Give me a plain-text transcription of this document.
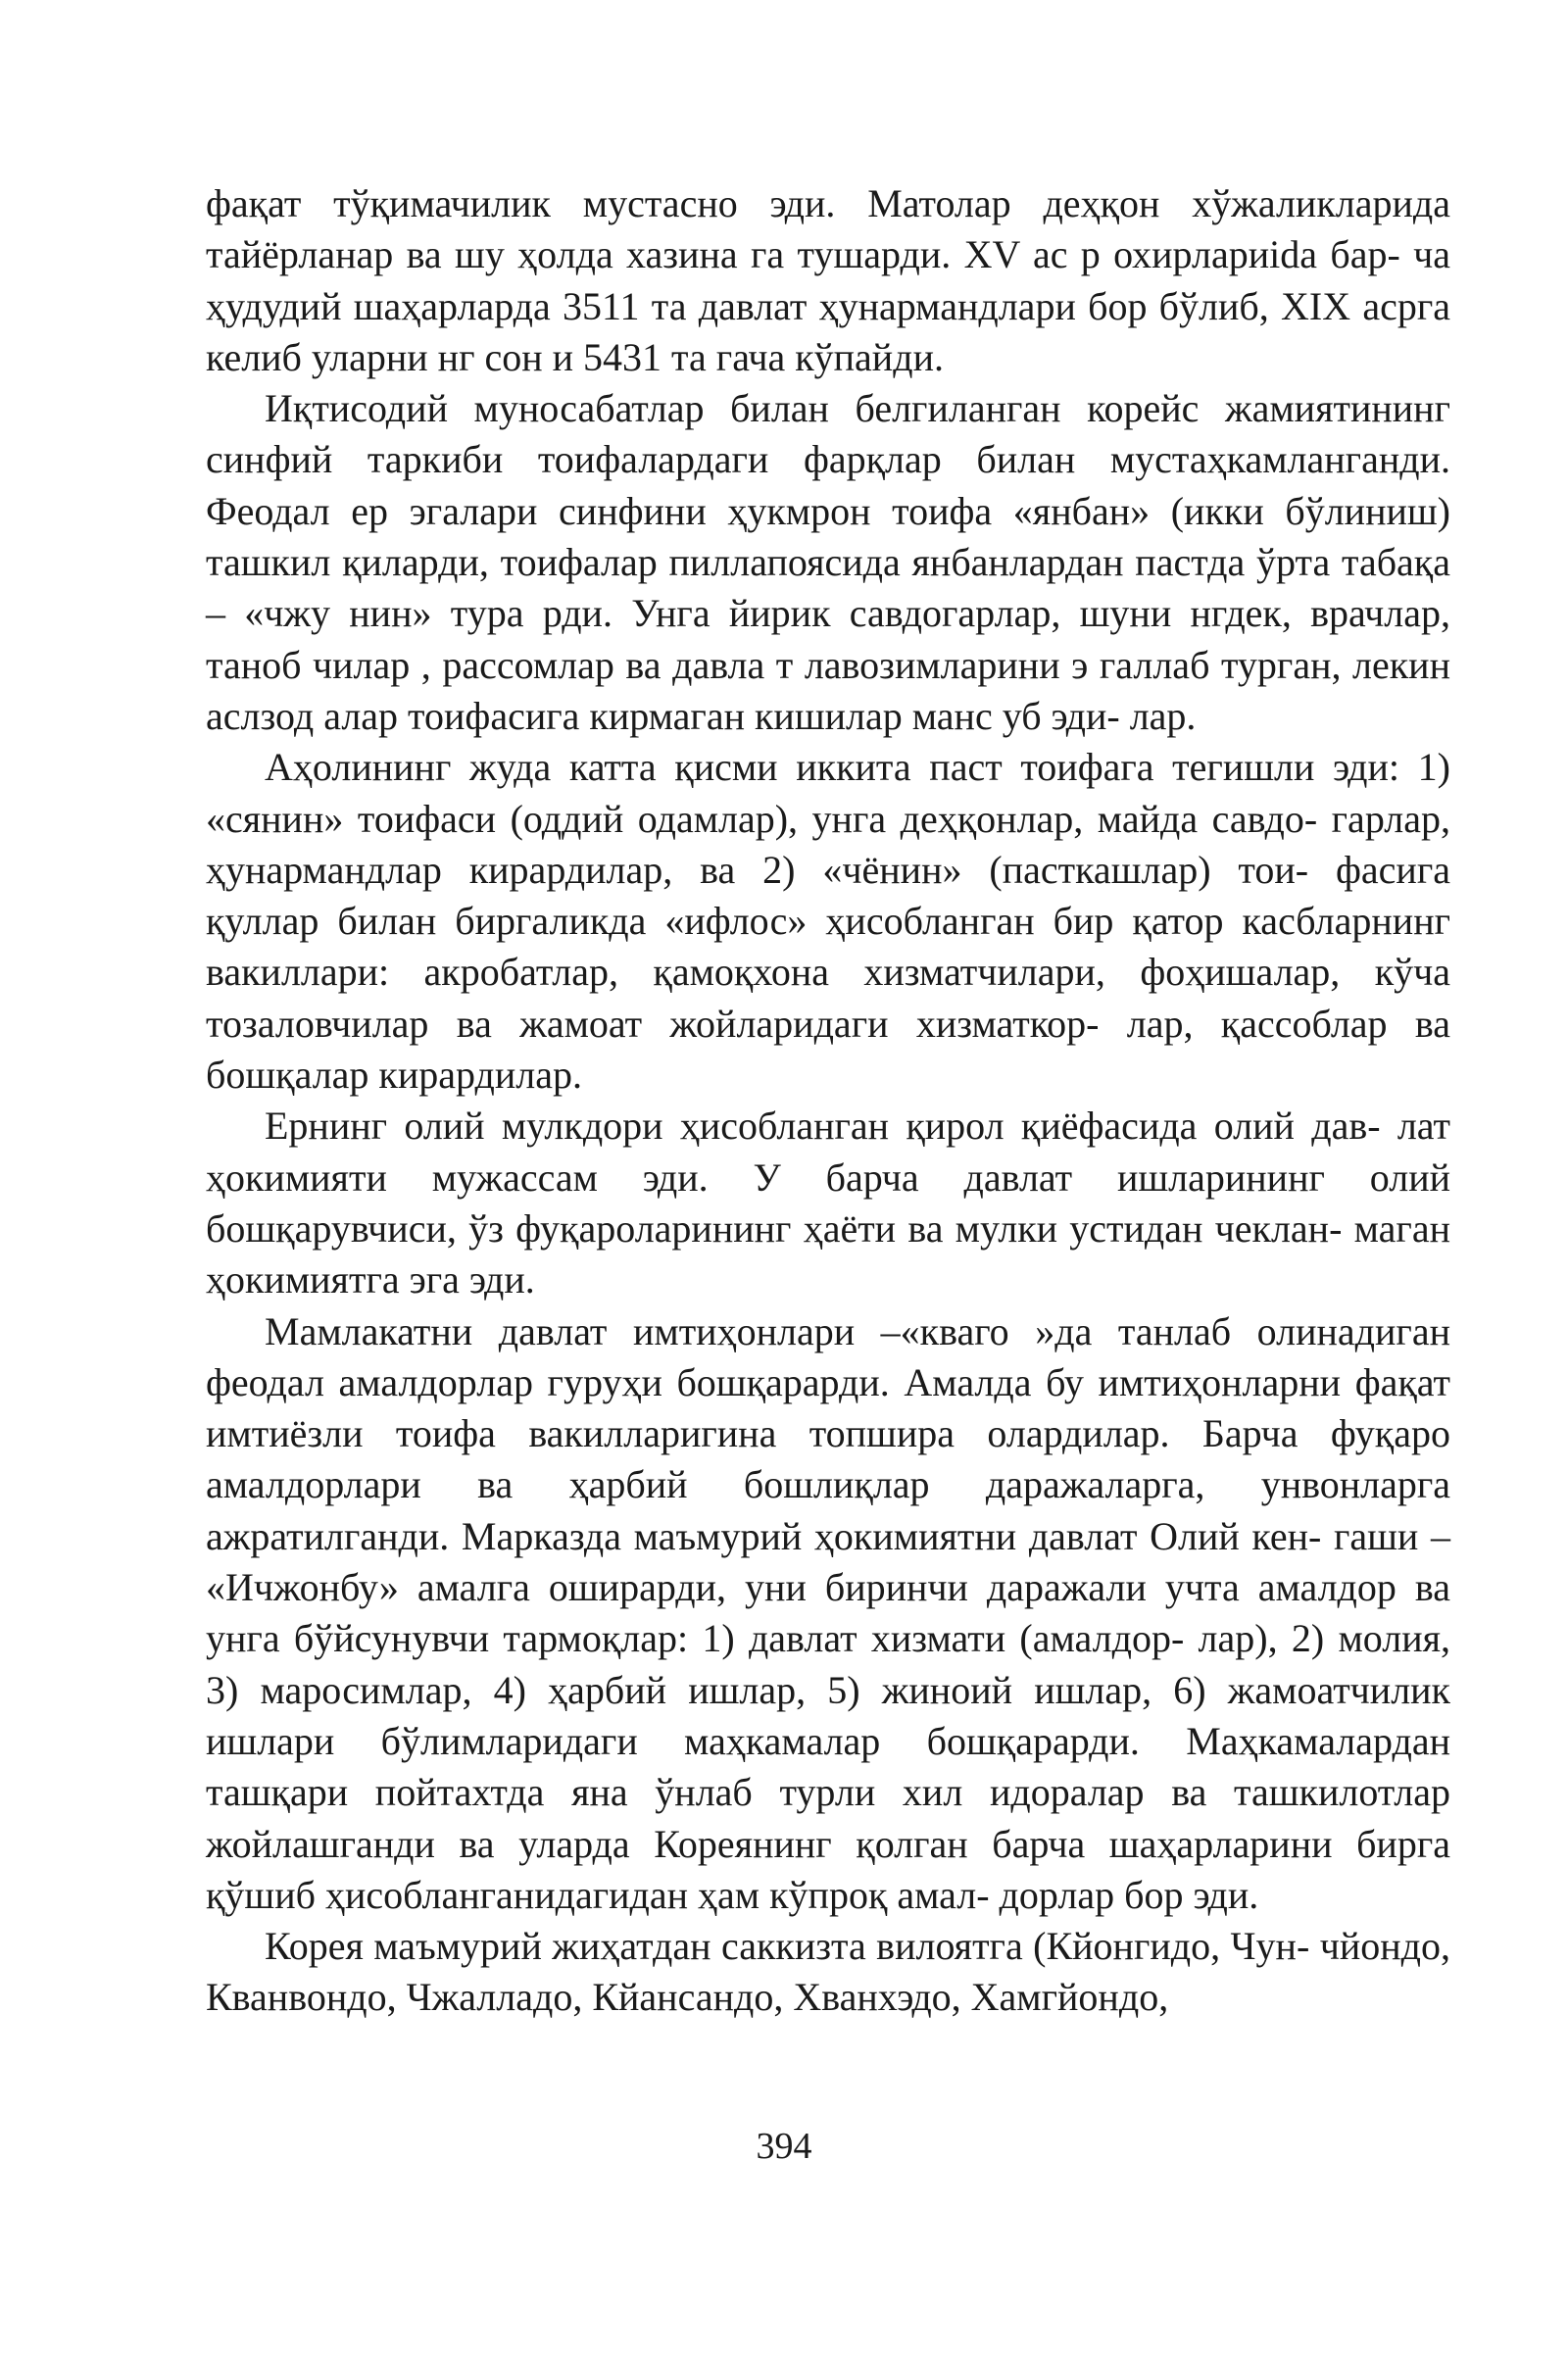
фақат тўқимачилик мустасно эди. Матолар деҳқон хўжаликларида тайёрланар ва шу ҳолда хазина га тушарди. XV ас р охирлариida бар- ча ҳудудий шаҳарларда 3511 та давлат ҳунармандлари бор бўлиб, XIX асрга келиб уларни нг сон и 5431 та гача кўпайди.

Иқтисодий муносабатлар билан белгиланган корейс жамиятининг синфий таркиби тоифалардаги фарқлар билан мустаҳкамланганди. Феодал ер эгалари синфини ҳукмрон тоифа «янбан» (икки бўлиниш) ташкил қиларди, тоифалар пиллапоясида янбанлардан пастда ўрта табақа – «чжу нин» тура рди. Унга йирик савдогарлар, шуни нгдек, врачлар, таноб чилар , рассомлар ва давла т лавозимларини э галлаб турган, лекин аслзод алар тоифасига кирмаган кишилар манс уб эди- лар.

Аҳолининг жуда катта қисми иккита паст тоифага тегишли эди: 1) «сянин» тоифаси (оддий одамлар), унга деҳқонлар, майда савдо- гарлар, ҳунармандлар кирардилар, ва 2) «чёнин» (пасткашлар) тои- фасига қуллар билан биргаликда «ифлос» ҳисобланган бир қатор касбларнинг вакиллари: акробатлар, қамоқхона хизматчилари, фоҳишалар, кўча тозаловчилар ва жамоат жойларидаги хизматкор- лар, қассоблар ва бошқалар кирардилар.

Ернинг олий мулкдори ҳисобланган қирол қиёфасида олий дав- лат ҳокимияти мужассам эди. У барча давлат ишларининг олий бошқарувчиси, ўз фуқароларининг ҳаёти ва мулки устидан чеклан- маган ҳокимиятга эга эди.

Мамлакатни давлат имтиҳонлари –«кваго »да танлаб олинадиган феодал амалдорлар гуруҳи бошқарарди. Амалда бу имтиҳонларни фақат имтиёзли тоифа вакилларигина топшира олардилар. Барча фуқаро амалдорлари ва ҳарбий бошлиқлар даражаларга, унвонларга ажратилганди. Марказда маъмурий ҳокимиятни давлат Олий кен- гаши – «Ичжонбу» амалга оширарди, уни биринчи даражали учта амалдор ва унга бўйсунувчи тармоқлар: 1) давлат хизмати (амалдор- лар), 2) молия, 3) маросимлар, 4) ҳарбий ишлар, 5) жиноий ишлар, 6) жамоатчилик ишлари бўлимларидаги маҳкамалар бошқарарди. Маҳкамалардан ташқари пойтахтда яна ўнлаб турли хил идоралар ва ташкилотлар жойлашганди ва уларда Кореянинг қолган барча шаҳарларини бирга қўшиб ҳисобланганидагидан ҳам кўпроқ амал- дорлар бор эди.

Корея маъмурий жиҳатдан саккизта вилоятга (Кйонгидо, Чун- чйондо, Кванвондо, Чжалладо, Кйансандо, Хванхэдо, Хамгйондо,

394
